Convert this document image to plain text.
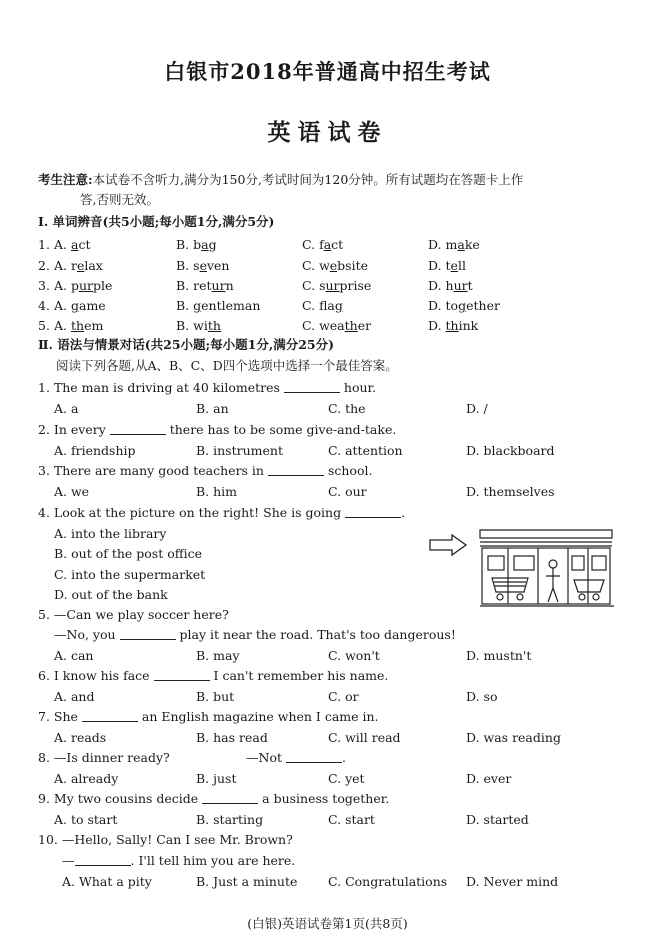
白银市2018年普通高中招生考试
英语试卷
考生注意:本试卷不含听力,满分为150分,考试时间为120分钟。所有试题均在答题卡上作
答,否则无效。
Ⅰ. 单词辨音(共5小题;每小题1分,满分5分)
1. A. act	B. bag	C. fact	D. make
2. A. relax	B. seven	C. website	D. tell
3. A. purple	B. return	C. surprise	D. hurt
4. A. game	B. gentleman	C. flag	D. together
5. A. them	B. with	C. weather	D. think
Ⅱ. 语法与情景对话(共25小题;每小题1分,满分25分)
阅读下列各题,从A、B、C、D四个选项中选择一个最佳答案。
1. The man is driving at 40 kilometres	hour.
A. a	B. an	C. the	D. /
2. In every	there has to be some give-and-take.
A. friendship	B. instrument	C. attention	D. blackboard
3. There are many good teachers in	school.
A. we	B. him	C. our	D. themselves
4. Look at the picture on the right! She is going	.
A. into the library
B. out of the post office
C. into the supermarket
D. out of the bank
5. —Can we play soccer here?
—No, you	play it near the road. That's too dangerous!
A. can	B. may	C. won't	D. mustn't
6. I know his face	I can't remember his name.
A. and	B. but	C. or	D. so
7. She	an English magazine when I came in.
A. reads	B. has read	C. will read	D. was reading
8. —Is dinner ready?	—Not	.
A. already	B. just	C. yet	D. ever
9. My two cousins decide	a business together.
A. to start	B. starting	C. start	D. started
10. —Hello, Sally! Can I see Mr. Brown?
—	. I'll tell him you are here.
A. What a pity	B. Just a minute C. Congratulations D. Never mind
(白银)英语试卷第1页(共8页)
